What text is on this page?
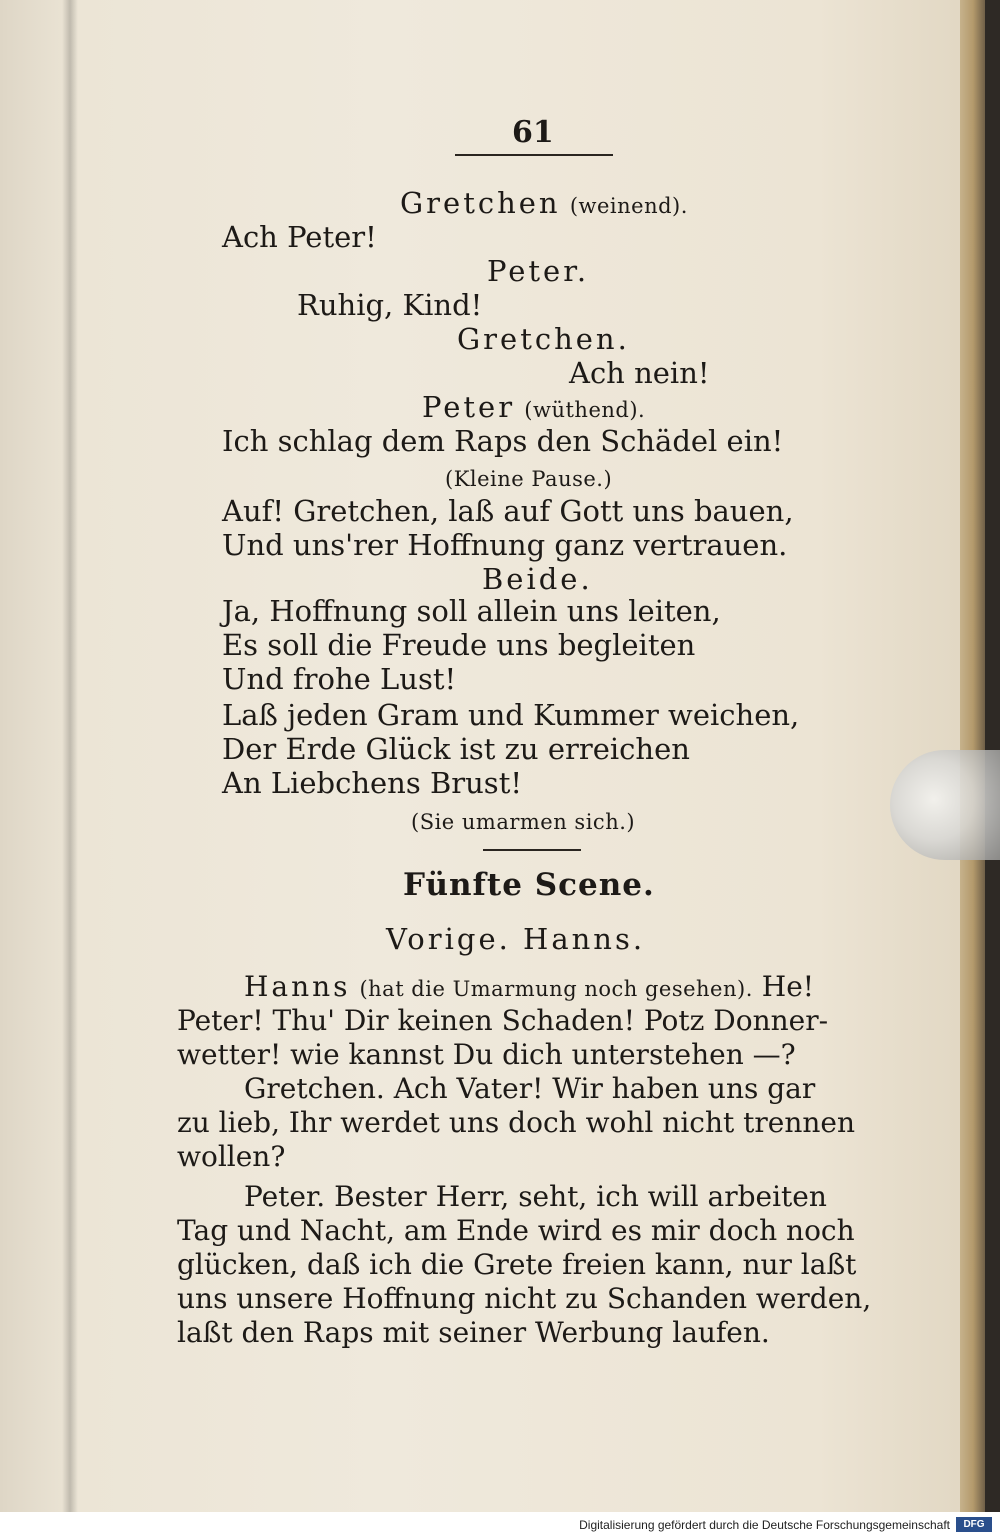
61
Gretchen (weinend).
Ach Peter!
Peter.
Ruhig, Kind!
Gretchen.
Ach nein!
Peter (wüthend).
Ich schlag dem Raps den Schädel ein!
(Kleine Pause.)
Auf! Gretchen, laß auf Gott uns bauen,
Und uns'rer Hoffnung ganz vertrauen.
Beide.
Ja, Hoffnung soll allein uns leiten,
Es soll die Freude uns begleiten
Und frohe Lust!
Laß jeden Gram und Kummer weichen,
Der Erde Glück ist zu erreichen
An Liebchens Brust!
(Sie umarmen sich.)
Fünfte Scene.
Vorige. Hanns.
Hanns (hat die Umarmung noch gesehen). He!
Peter! Thu' Dir keinen Schaden! Potz Donner-
wetter! wie kannst Du dich unterstehen —?
Gretchen. Ach Vater! Wir haben uns gar
zu lieb, Ihr werdet uns doch wohl nicht trennen
wollen?
Peter. Bester Herr, seht, ich will arbeiten
Tag und Nacht, am Ende wird es mir doch noch
glücken, daß ich die Grete freien kann, nur laßt
uns unsere Hoffnung nicht zu Schanden werden,
laßt den Raps mit seiner Werbung laufen.
Digitalisierung gefördert durch die Deutsche Forschungsgemeinschaft	DFG
